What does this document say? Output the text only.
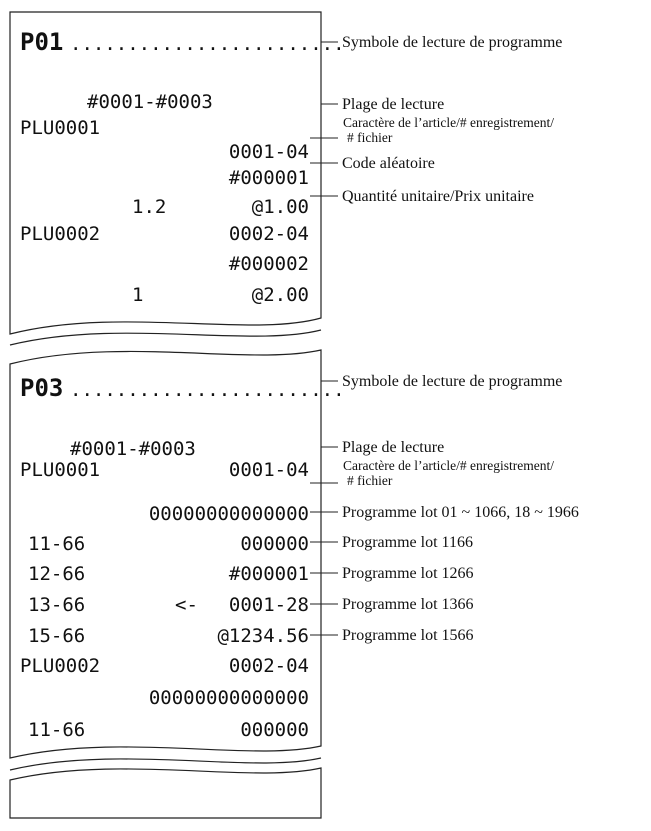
P01 ........................
#0001-#0003
PLU0001
0001-04
#000001
1.2	@1.00
PLU0002	0002-04
#000002
1	@2.00
Symbole de lecture de programme
Plage de lecture
Caractère de l’article/# enregistrement/
# fichier
Code aléatoire
Quantité unitaire/Prix unitaire
P03 ........................
#0001-#0003
PLU0001	0001-04
00000000000000
11-66	000000
12-66	#000001
13-66	<- 0001-28
15-66	@1234.56
PLU0002	0002-04
00000000000000
11-66	000000
Symbole de lecture de programme
Plage de lecture
Caractère de l’article/# enregistrement/
# fichier
Programme lot 01 ~ 1066, 18 ~ 1966
Programme lot 1166
Programme lot 1266
Programme lot 1366
Programme lot 1566
